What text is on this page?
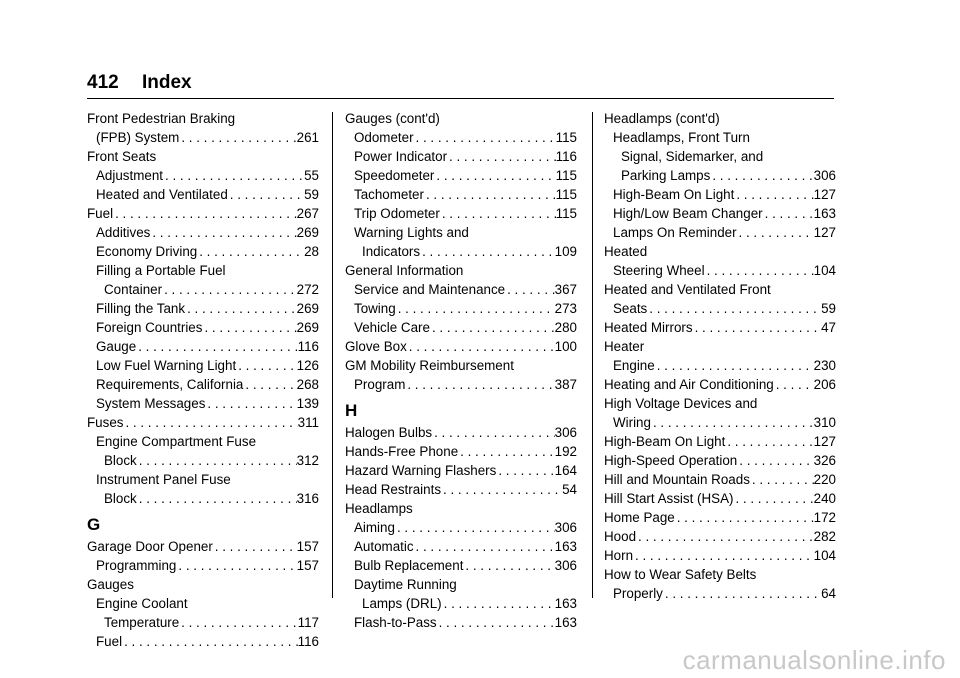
412 Index
Front Pedestrian Braking
(FPB) System . . .	261
Front Seats
Adjustment . . .	55
Heated and Ventilated . . .	59
Fuel . . .	267
Additives . . .	269
Economy Driving . . .	28
Filling a Portable Fuel
Container . . .	272
Filling the Tank . . .	269
Foreign Countries . . .	269
Gauge . . .	116
Low Fuel Warning Light . . .	126
Requirements, California . . .	268
System Messages . . .	139
Fuses . . .	311
Engine Compartment Fuse
Block . . .	312
Instrument Panel Fuse
Block . . .	316
G
Garage Door Opener . . .	157
Programming . . .	157
Gauges
Engine Coolant
Temperature . . .	117
Fuel . . .	116
Gauges (cont'd)
Odometer . . .	115
Power Indicator . . .	116
Speedometer . . .	115
Tachometer . . .	115
Trip Odometer . . .	115
Warning Lights and
Indicators . . .	109
General Information
Service and Maintenance . . .	367
Towing . . .	273
Vehicle Care . . .	280
Glove Box . . .	100
GM Mobility Reimbursement
Program . . .	387
H
Halogen Bulbs . . .	306
Hands-Free Phone . . .	192
Hazard Warning Flashers . . .	164
Head Restraints . . .	54
Headlamps
Aiming . . .	306
Automatic . . .	163
Bulb Replacement . . .	306
Daytime Running
Lamps (DRL) . . .	163
Flash-to-Pass . . .	163
Headlamps (cont'd)
Headlamps, Front Turn
Signal, Sidemarker, and
Parking Lamps . . .	306
High-Beam On Light . . .	127
High/Low Beam Changer . . .	163
Lamps On Reminder . . .	127
Heated
Steering Wheel . . .	104
Heated and Ventilated Front
Seats . . .	59
Heated Mirrors . . .	47
Heater
Engine . . .	230
Heating and Air Conditioning . . .	206
High Voltage Devices and
Wiring . . .	310
High-Beam On Light . . .	127
High-Speed Operation . . .	326
Hill and Mountain Roads . . .	220
Hill Start Assist (HSA) . . .	240
Home Page . . .	172
Hood . . .	282
Horn . . .	104
How to Wear Safety Belts
Properly . . .	64
carmanualsonline.info
